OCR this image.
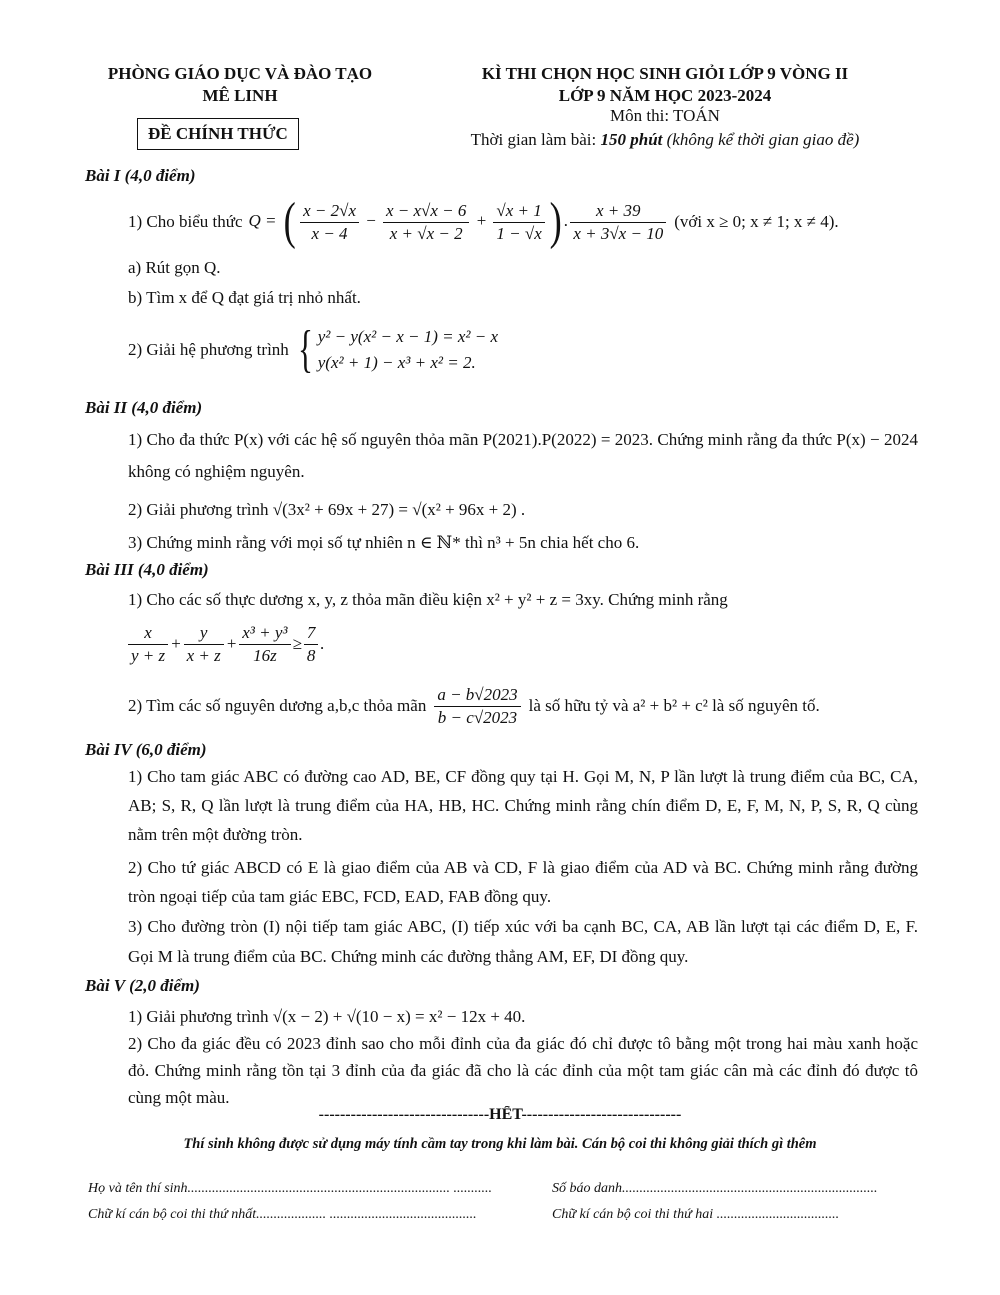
PHÒNG GIÁO DỤC VÀ ĐÀO TẠO
MÊ LINH
ĐỀ CHÍNH THỨC
KÌ THI CHỌN HỌC SINH GIỎI LỚP 9 VÒNG II
LỚP 9 NĂM HỌC 2023-2024
Môn thi: TOÁN
Thời gian làm bài: 150 phút (không kể thời gian giao đề)
Bài I (4,0 điểm)
1) Cho biểu thức Q = ( $\frac{x - 2√x}{x - 4} - \frac{x - x√x - 6}{x + √x - 2} + \frac{√x + 1}{1 - √x}$ ) . $\frac{x + 39}{x + 3√x - 10}$ (với x ≥ 0; x ≠ 1; x ≠ 4).
a) Rút gọn Q.
b) Tìm x để Q đạt giá trị nhỏ nhất.
2) Giải hệ phương trình { y² − y(x² − x − 1) = x² − x
y(x² + 1) − x³ + x² = 2.
Bài II (4,0 điểm)
1) Cho đa thức P(x) với các hệ số nguyên thỏa mãn P(2021).P(2022) = 2023. Chứng minh rằng đa thức P(x) − 2024 không có nghiệm nguyên.
2) Giải phương trình √(3x² + 69x + 27) = √(x² + 96x + 2) .
3) Chứng minh rằng với mọi số tự nhiên n ∈ ℕ* thì n³ + 5n chia hết cho 6.
Bài III (4,0 điểm)
1) Cho các số thực dương x, y, z thỏa mãn điều kiện x² + y² + z = 3xy. Chứng minh rằng
$\frac{x}{y + z} + \frac{y}{x + z} + \frac{\text{x³ + y³}}{16z} \ge \frac{7}{8}$ .
2) Tìm các số nguyên dương a,b,c thỏa mãn $\frac{a - b√2023}{b - c√2023}$ là số hữu tỷ và a² + b² + c² là số nguyên tố.
Bài IV (6,0 điểm)
1) Cho tam giác ABC có đường cao AD, BE, CF đồng quy tại H. Gọi M, N, P lần lượt là trung điểm của BC, CA, AB; S, R, Q lần lượt là trung điểm của HA, HB, HC. Chứng minh rằng chín điểm D, E, F, M, N, P, S, R, Q cùng nằm trên một đường tròn.
2) Cho tứ giác ABCD có E là giao điểm của AB và CD, F là giao điểm của AD và BC. Chứng minh rằng đường tròn ngoại tiếp của tam giác EBC, FCD, EAD, FAB đồng quy.
3) Cho đường tròn (I) nội tiếp tam giác ABC, (I) tiếp xúc với ba cạnh BC, CA, AB lần lượt tại các điểm D, E, F. Gọi M là trung điểm của BC. Chứng minh các đường thẳng AM, EF, DI đồng quy.
Bài V (2,0 điểm)
1) Giải phương trình √(x − 2) + √(10 − x) = x² − 12x + 40.
2) Cho đa giác đều có 2023 đỉnh sao cho mỗi đỉnh của đa giác đó chỉ được tô bằng một trong hai màu xanh hoặc đỏ. Chứng minh rằng tồn tại 3 đỉnh của đa giác đã cho là các đỉnh của một tam giác cân mà các đỉnh đó được tô cùng một màu.
--------------------------------HẾT------------------------------
Thí sinh không được sử dụng máy tính cầm tay trong khi làm bài. Cán bộ coi thi không giải thích gì thêm
Họ và tên thí sinh........................................................................... ...........	Số báo danh.........................................................................
Chữ kí cán bộ coi thi thứ nhất.................... ..........................................	Chữ kí cán bộ coi thi thứ hai ...................................
